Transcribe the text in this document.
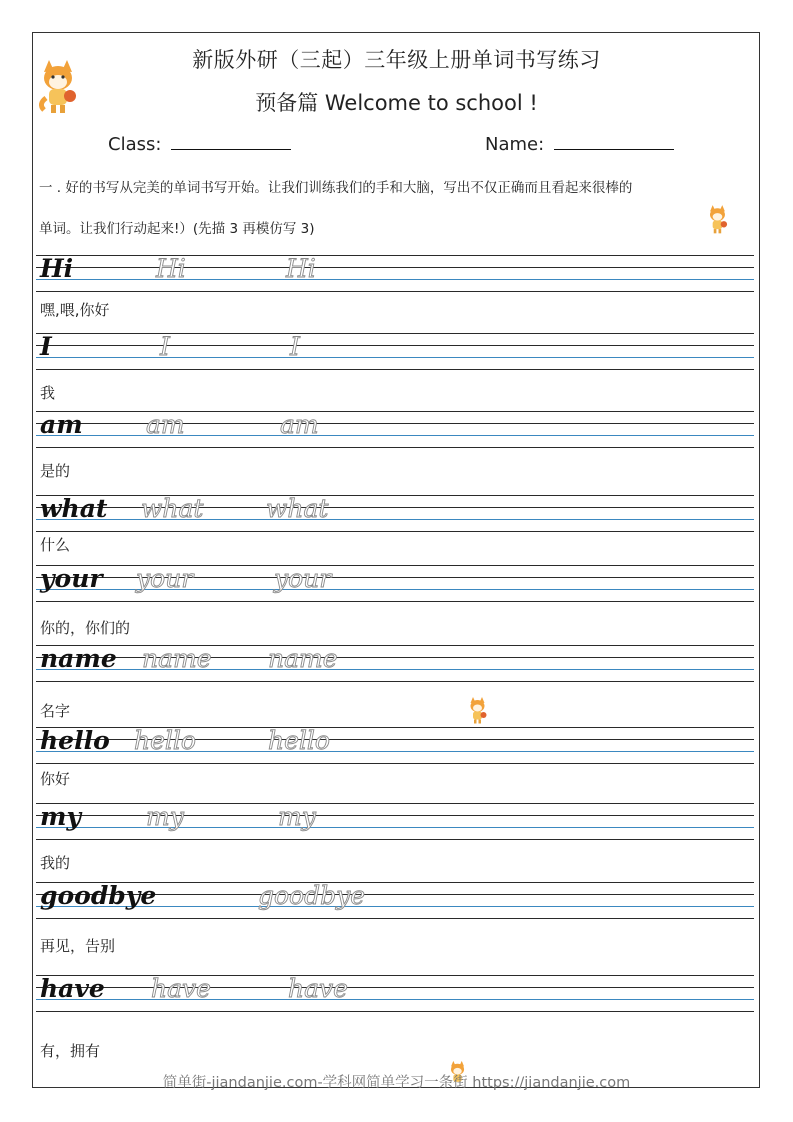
新版外研（三起）三年级上册单词书写练习
预备篇 Welcome to school !
Class:	Name:
一 . 好的书写从完美的单词书写开始。让我们训练我们的手和大脑，写出不仅正确而且看起来很棒的
单词。让我们行动起来!）(先描 3 再模仿写 3)
Hi	Hi	Hi
嘿,喂,你好
I	I	I
我
am	am	am
是的
what what	what
什么
your your	your
你的，你们的
name name name
名字
hello hello	hello
你好
my	my	my
我的
goodbye	goodbye
再见，告别
have have	have
有，拥有
简单街-jiandanjie.com-学科网简单学习一条街 https://jiandanjie.com
